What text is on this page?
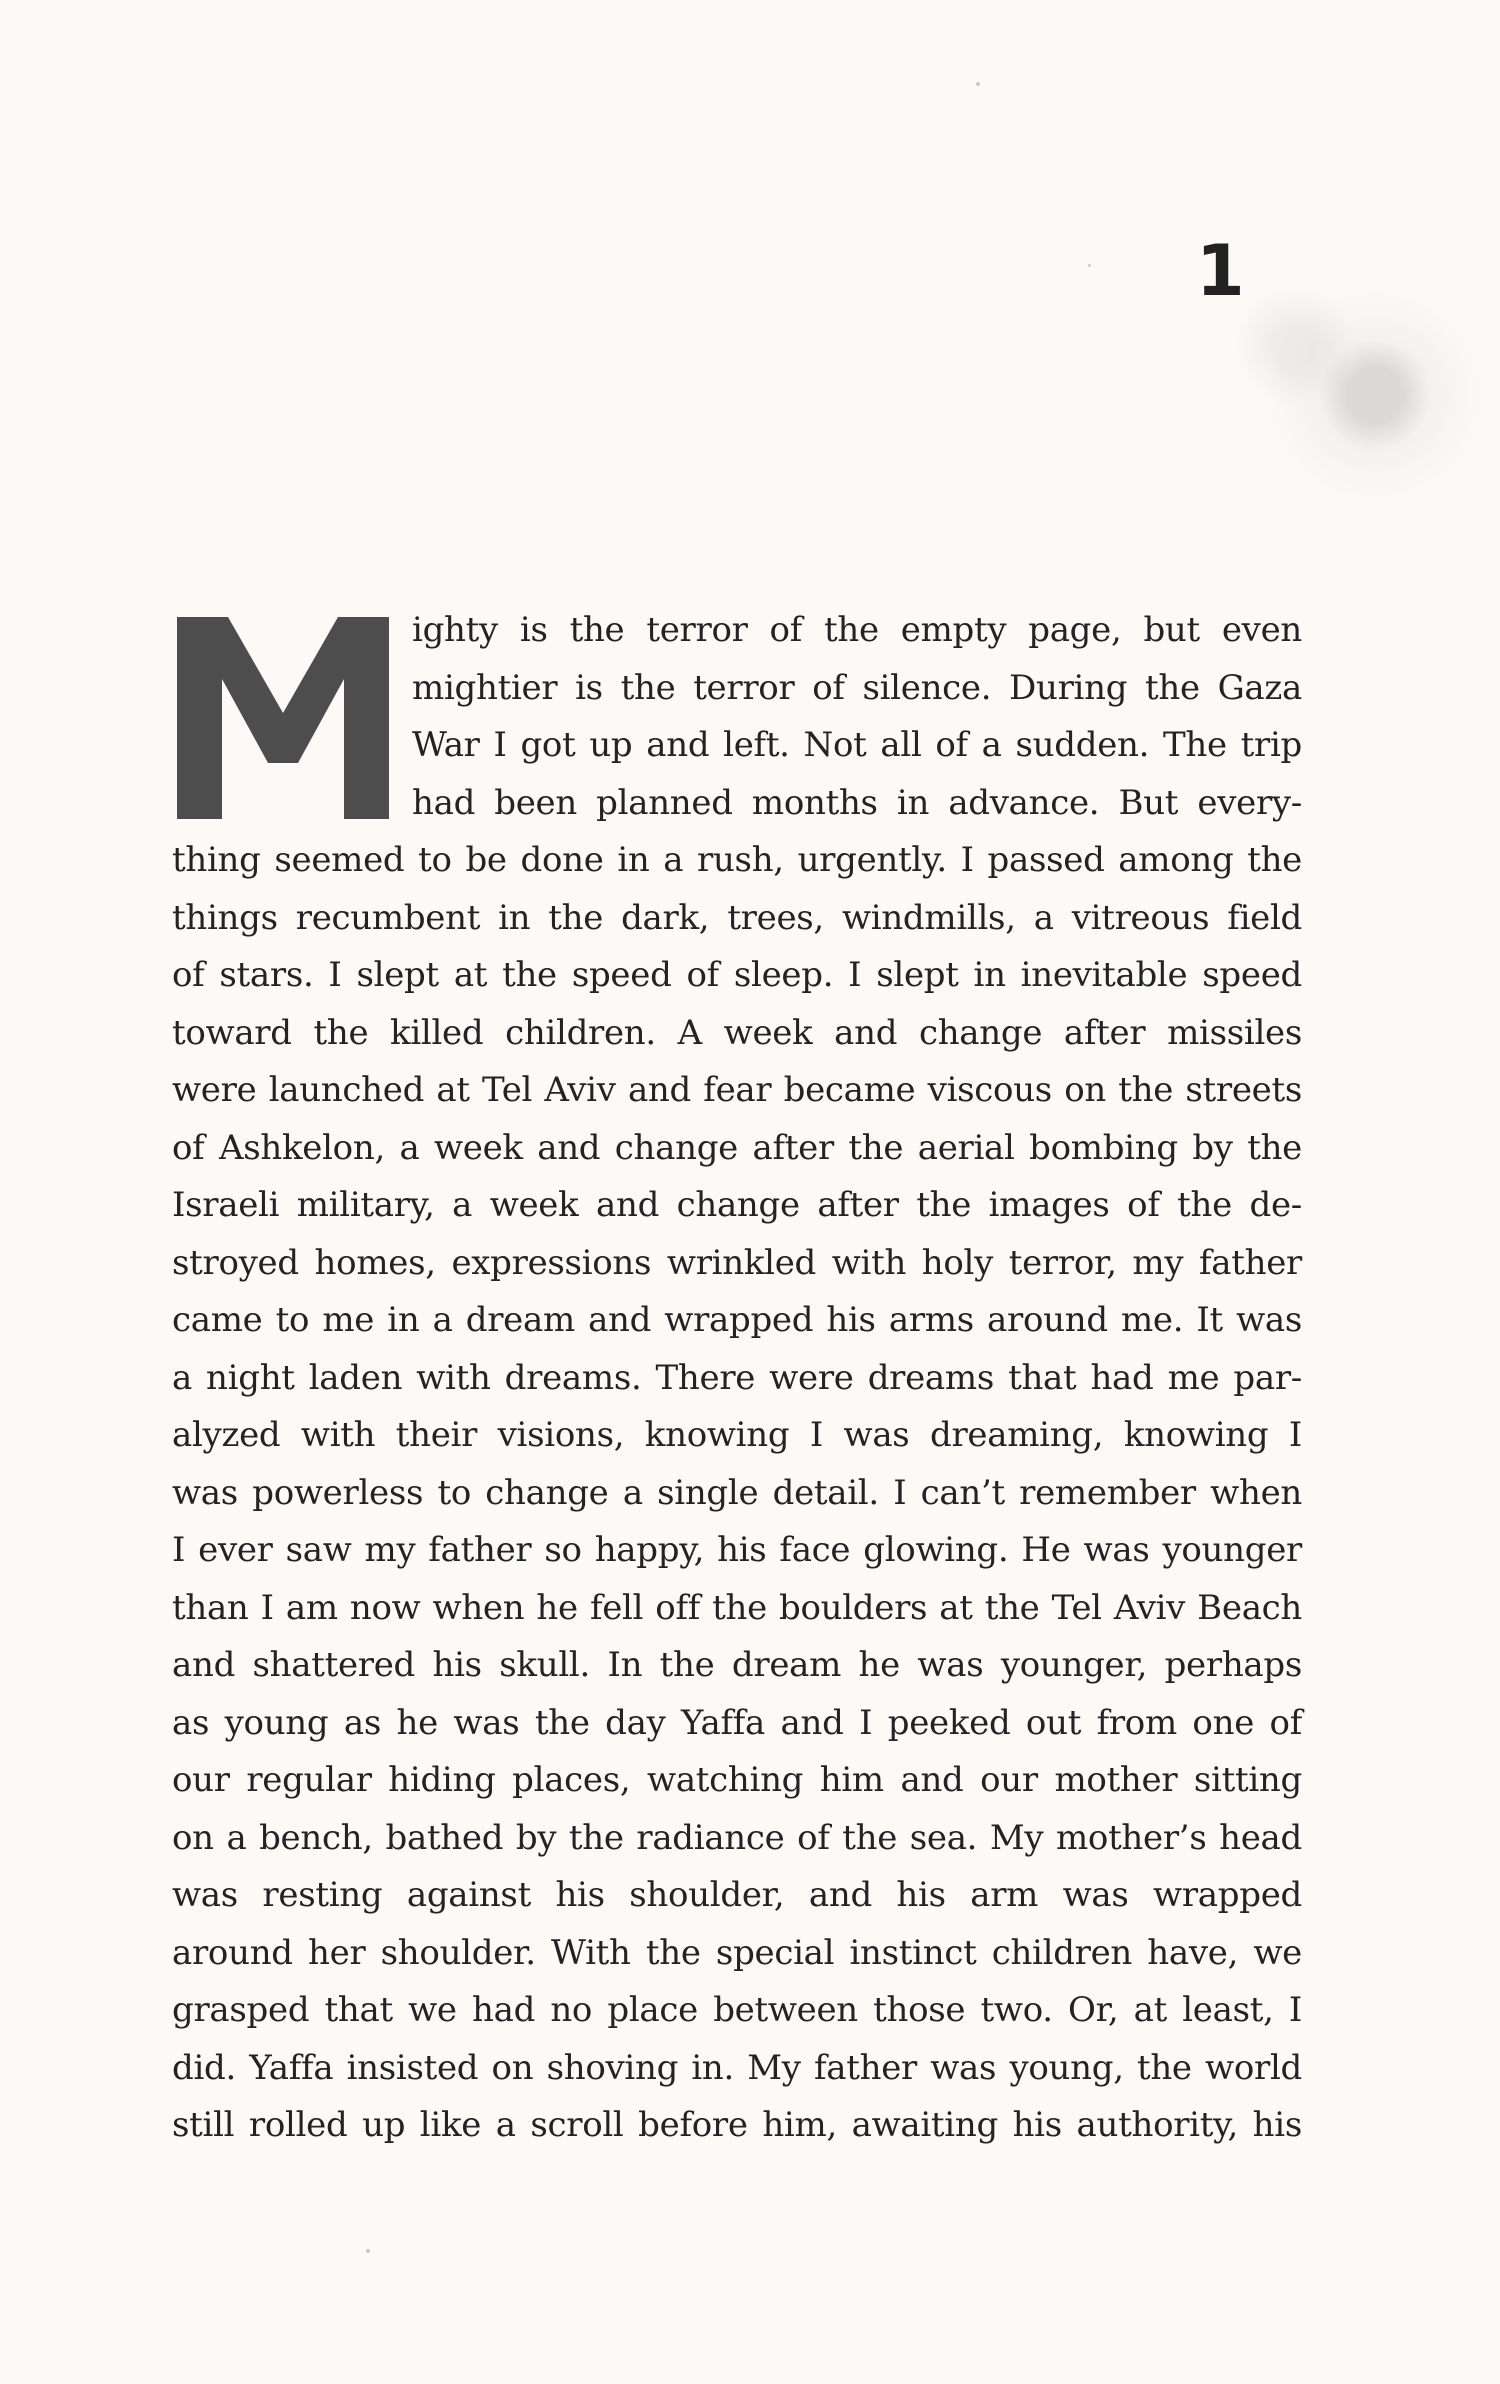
1
ighty is the terror of the empty page, but even
mightier is the terror of silence. During the Gaza
War I got up and left. Not all of a sudden. The trip
had been planned months in advance. But every-
thing seemed to be done in a rush, urgently. I passed among the
things recumbent in the dark, trees, windmills, a vitreous field
of stars. I slept at the speed of sleep. I slept in inevitable speed
toward the killed children. A week and change after missiles
were launched at Tel Aviv and fear became viscous on the streets
of Ashkelon, a week and change after the aerial bombing by the
Israeli military, a week and change after the images of the de-
stroyed homes, expressions wrinkled with holy terror, my father
came to me in a dream and wrapped his arms around me. It was
a night laden with dreams. There were dreams that had me par-
alyzed with their visions, knowing I was dreaming, knowing I
was powerless to change a single detail. I can’t remember when
I ever saw my father so happy, his face glowing. He was younger
than I am now when he fell off the boulders at the Tel Aviv Beach
and shattered his skull. In the dream he was younger, perhaps
as young as he was the day Yaffa and I peeked out from one of
our regular hiding places, watching him and our mother sitting
on a bench, bathed by the radiance of the sea. My mother’s head
was resting against his shoulder, and his arm was wrapped
around her shoulder. With the special instinct children have, we
grasped that we had no place between those two. Or, at least, I
did. Yaffa insisted on shoving in. My father was young, the world
still rolled up like a scroll before him, awaiting his authority, his
